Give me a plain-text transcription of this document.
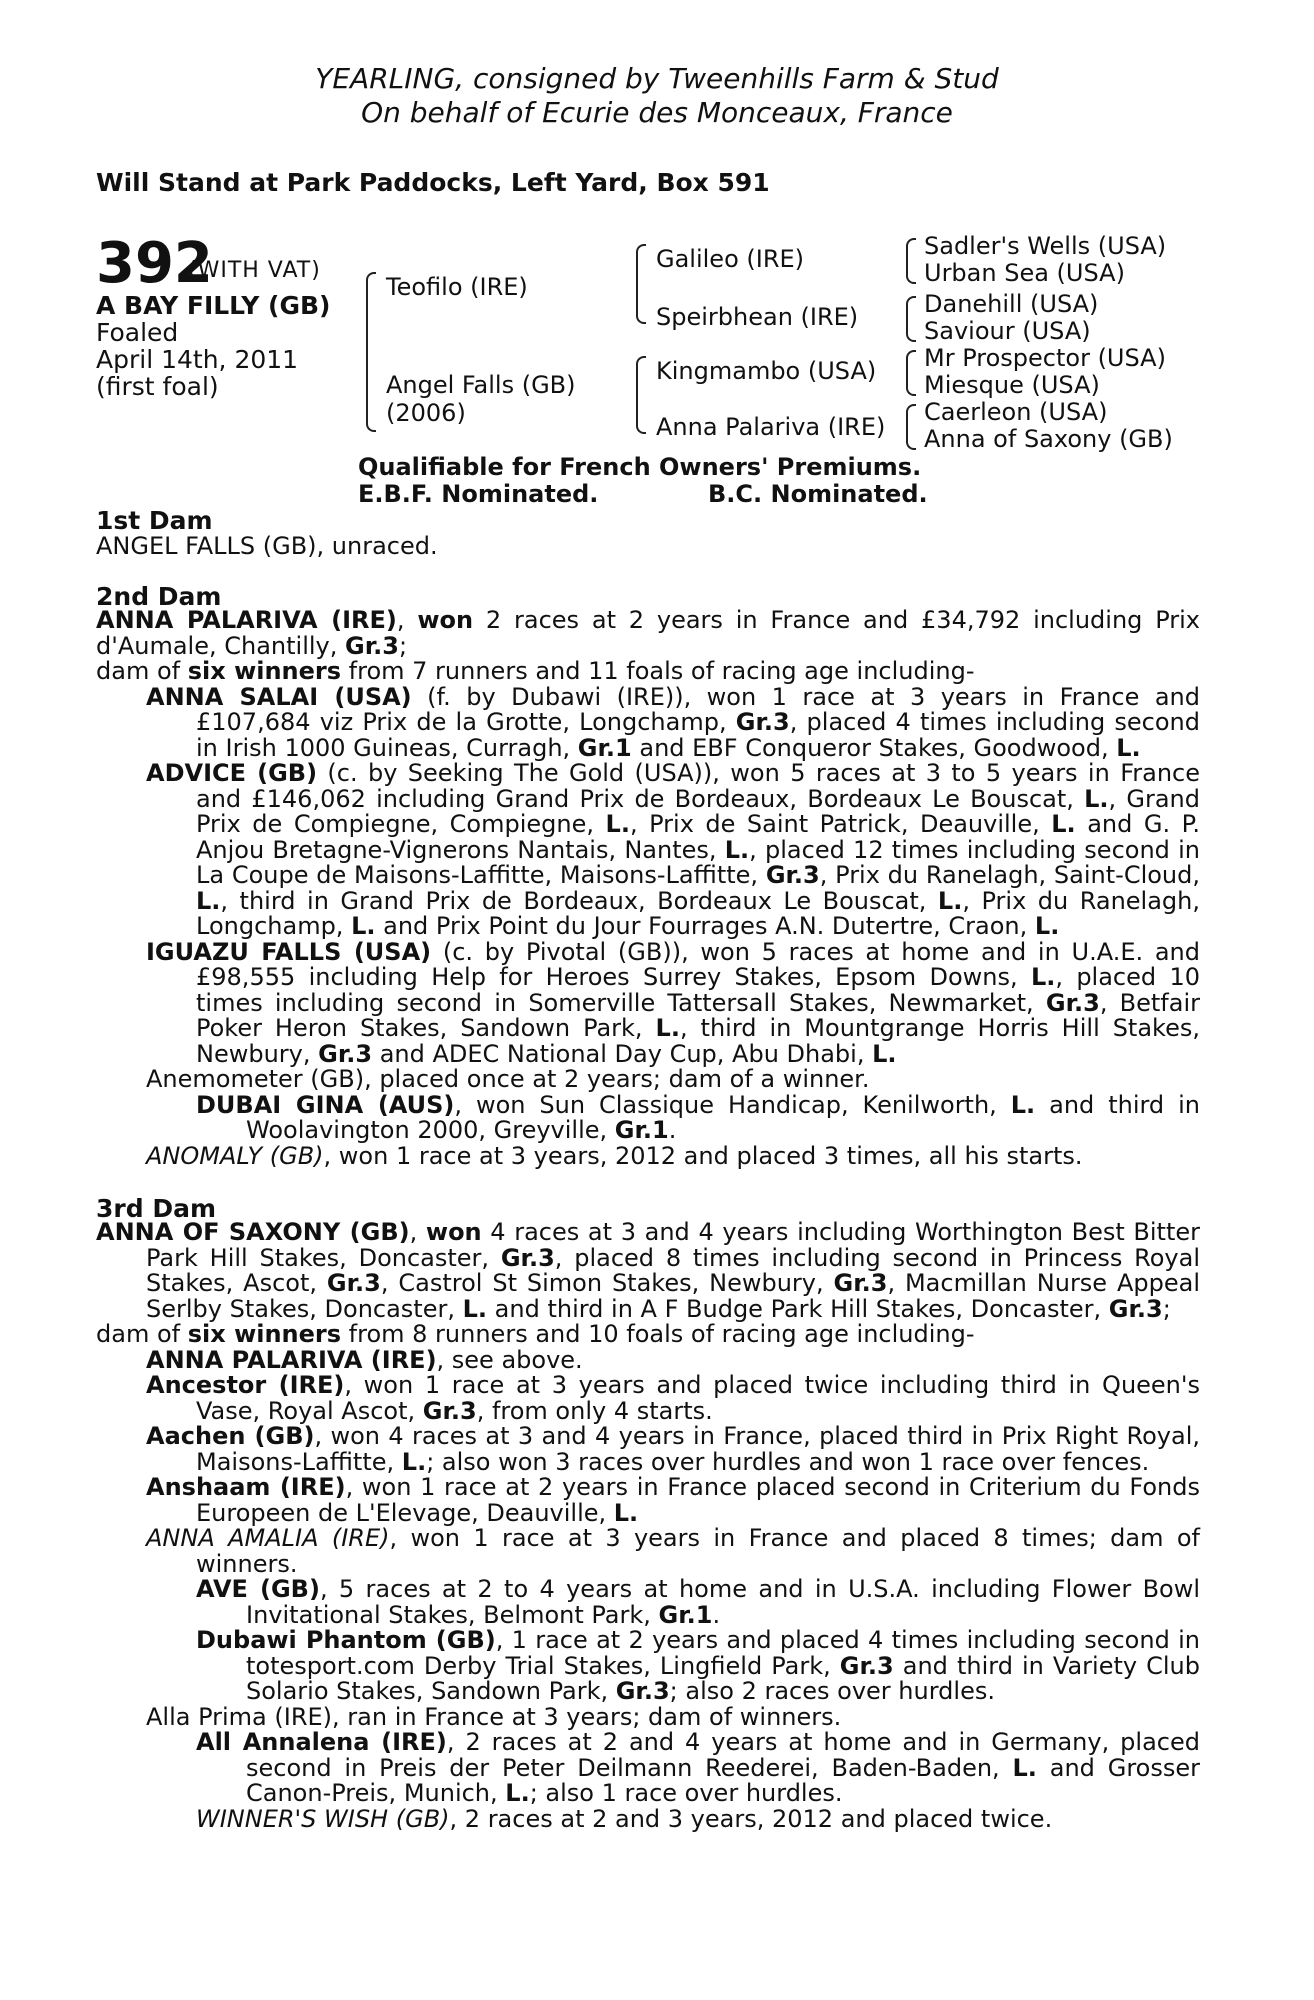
YEARLING, consigned by Tweenhills Farm & Stud
On behalf of Ecurie des Monceaux, France
Will Stand at Park Paddocks, Left Yard, Box 591
392
(WITH VAT)
A BAY FILLY (GB)
Foaled
April 14th, 2011
(first foal)
Teofilo (IRE)
Angel Falls (GB)
(2006)
Galileo (IRE)
Speirbhean (IRE)
Kingmambo (USA)
Anna Palariva (IRE)
Sadler's Wells (USA)
Urban Sea (USA)
Danehill (USA)
Saviour (USA)
Mr Prospector (USA)
Miesque (USA)
Caerleon (USA)
Anna of Saxony (GB)
Qualifiable for French Owners' Premiums.
E.B.F. Nominated.	B.C. Nominated.
1st Dam
ANGEL FALLS (GB), unraced.
2nd Dam

ANNA PALARIVA (IRE), won 2 races at 2 years in France and £34,792 including Prix d'Aumale, Chantilly, Gr.3;

dam of six winners from 7 runners and 11 foals of racing age including-

ANNA SALAI (USA) (f. by Dubawi (IRE)), won 1 race at 3 years in France and £107,684 viz Prix de la Grotte, Longchamp, Gr.3, placed 4 times including second in Irish 1000 Guineas, Curragh, Gr.1 and EBF Conqueror Stakes, Goodwood, L.

ADVICE (GB) (c. by Seeking The Gold (USA)), won 5 races at 3 to 5 years in France and £146,062 including Grand Prix de Bordeaux, Bordeaux Le Bouscat, L., Grand Prix de Compiegne, Compiegne, L., Prix de Saint Patrick, Deauville, L. and G. P. Anjou Bretagne-Vignerons Nantais, Nantes, L., placed 12 times including second in La Coupe de Maisons-Laffitte, Maisons-Laffitte, Gr.3, Prix du Ranelagh, Saint-Cloud, L., third in Grand Prix de Bordeaux, Bordeaux Le Bouscat, L., Prix du Ranelagh, Longchamp, L. and Prix Point du Jour Fourrages A.N. Dutertre, Craon, L.

IGUAZU FALLS (USA) (c. by Pivotal (GB)), won 5 races at home and in U.A.E. and £98,555 including Help for Heroes Surrey Stakes, Epsom Downs, L., placed 10 times including second in Somerville Tattersall Stakes, Newmarket, Gr.3, Betfair Poker Heron Stakes, Sandown Park, L., third in Mountgrange Horris Hill Stakes, Newbury, Gr.3 and ADEC National Day Cup, Abu Dhabi, L.

Anemometer (GB), placed once at 2 years; dam of a winner.

DUBAI GINA (AUS), won Sun Classique Handicap, Kenilworth, L. and third in Woolavington 2000, Greyville, Gr.1.

ANOMALY (GB), won 1 race at 3 years, 2012 and placed 3 times, all his starts.

3rd Dam

ANNA OF SAXONY (GB), won 4 races at 3 and 4 years including Worthington Best Bitter Park Hill Stakes, Doncaster, Gr.3, placed 8 times including second in Princess Royal Stakes, Ascot, Gr.3, Castrol St Simon Stakes, Newbury, Gr.3, Macmillan Nurse Appeal Serlby Stakes, Doncaster, L. and third in A F Budge Park Hill Stakes, Doncaster, Gr.3;

dam of six winners from 8 runners and 10 foals of racing age including-

ANNA PALARIVA (IRE), see above.

Ancestor (IRE), won 1 race at 3 years and placed twice including third in Queen's Vase, Royal Ascot, Gr.3, from only 4 starts.

Aachen (GB), won 4 races at 3 and 4 years in France, placed third in Prix Right Royal, Maisons-Laffitte, L.; also won 3 races over hurdles and won 1 race over fences.

Anshaam (IRE), won 1 race at 2 years in France placed second in Criterium du Fonds Europeen de L'Elevage, Deauville, L.

ANNA AMALIA (IRE), won 1 race at 3 years in France and placed 8 times; dam of winners.

AVE (GB), 5 races at 2 to 4 years at home and in U.S.A. including Flower Bowl Invitational Stakes, Belmont Park, Gr.1.

Dubawi Phantom (GB), 1 race at 2 years and placed 4 times including second in totesport.com Derby Trial Stakes, Lingfield Park, Gr.3 and third in Variety Club Solario Stakes, Sandown Park, Gr.3; also 2 races over hurdles.

Alla Prima (IRE), ran in France at 3 years; dam of winners.

All Annalena (IRE), 2 races at 2 and 4 years at home and in Germany, placed second in Preis der Peter Deilmann Reederei, Baden-Baden, L. and Grosser Canon-Preis, Munich, L.; also 1 race over hurdles.

WINNER'S WISH (GB), 2 races at 2 and 3 years, 2012 and placed twice.
